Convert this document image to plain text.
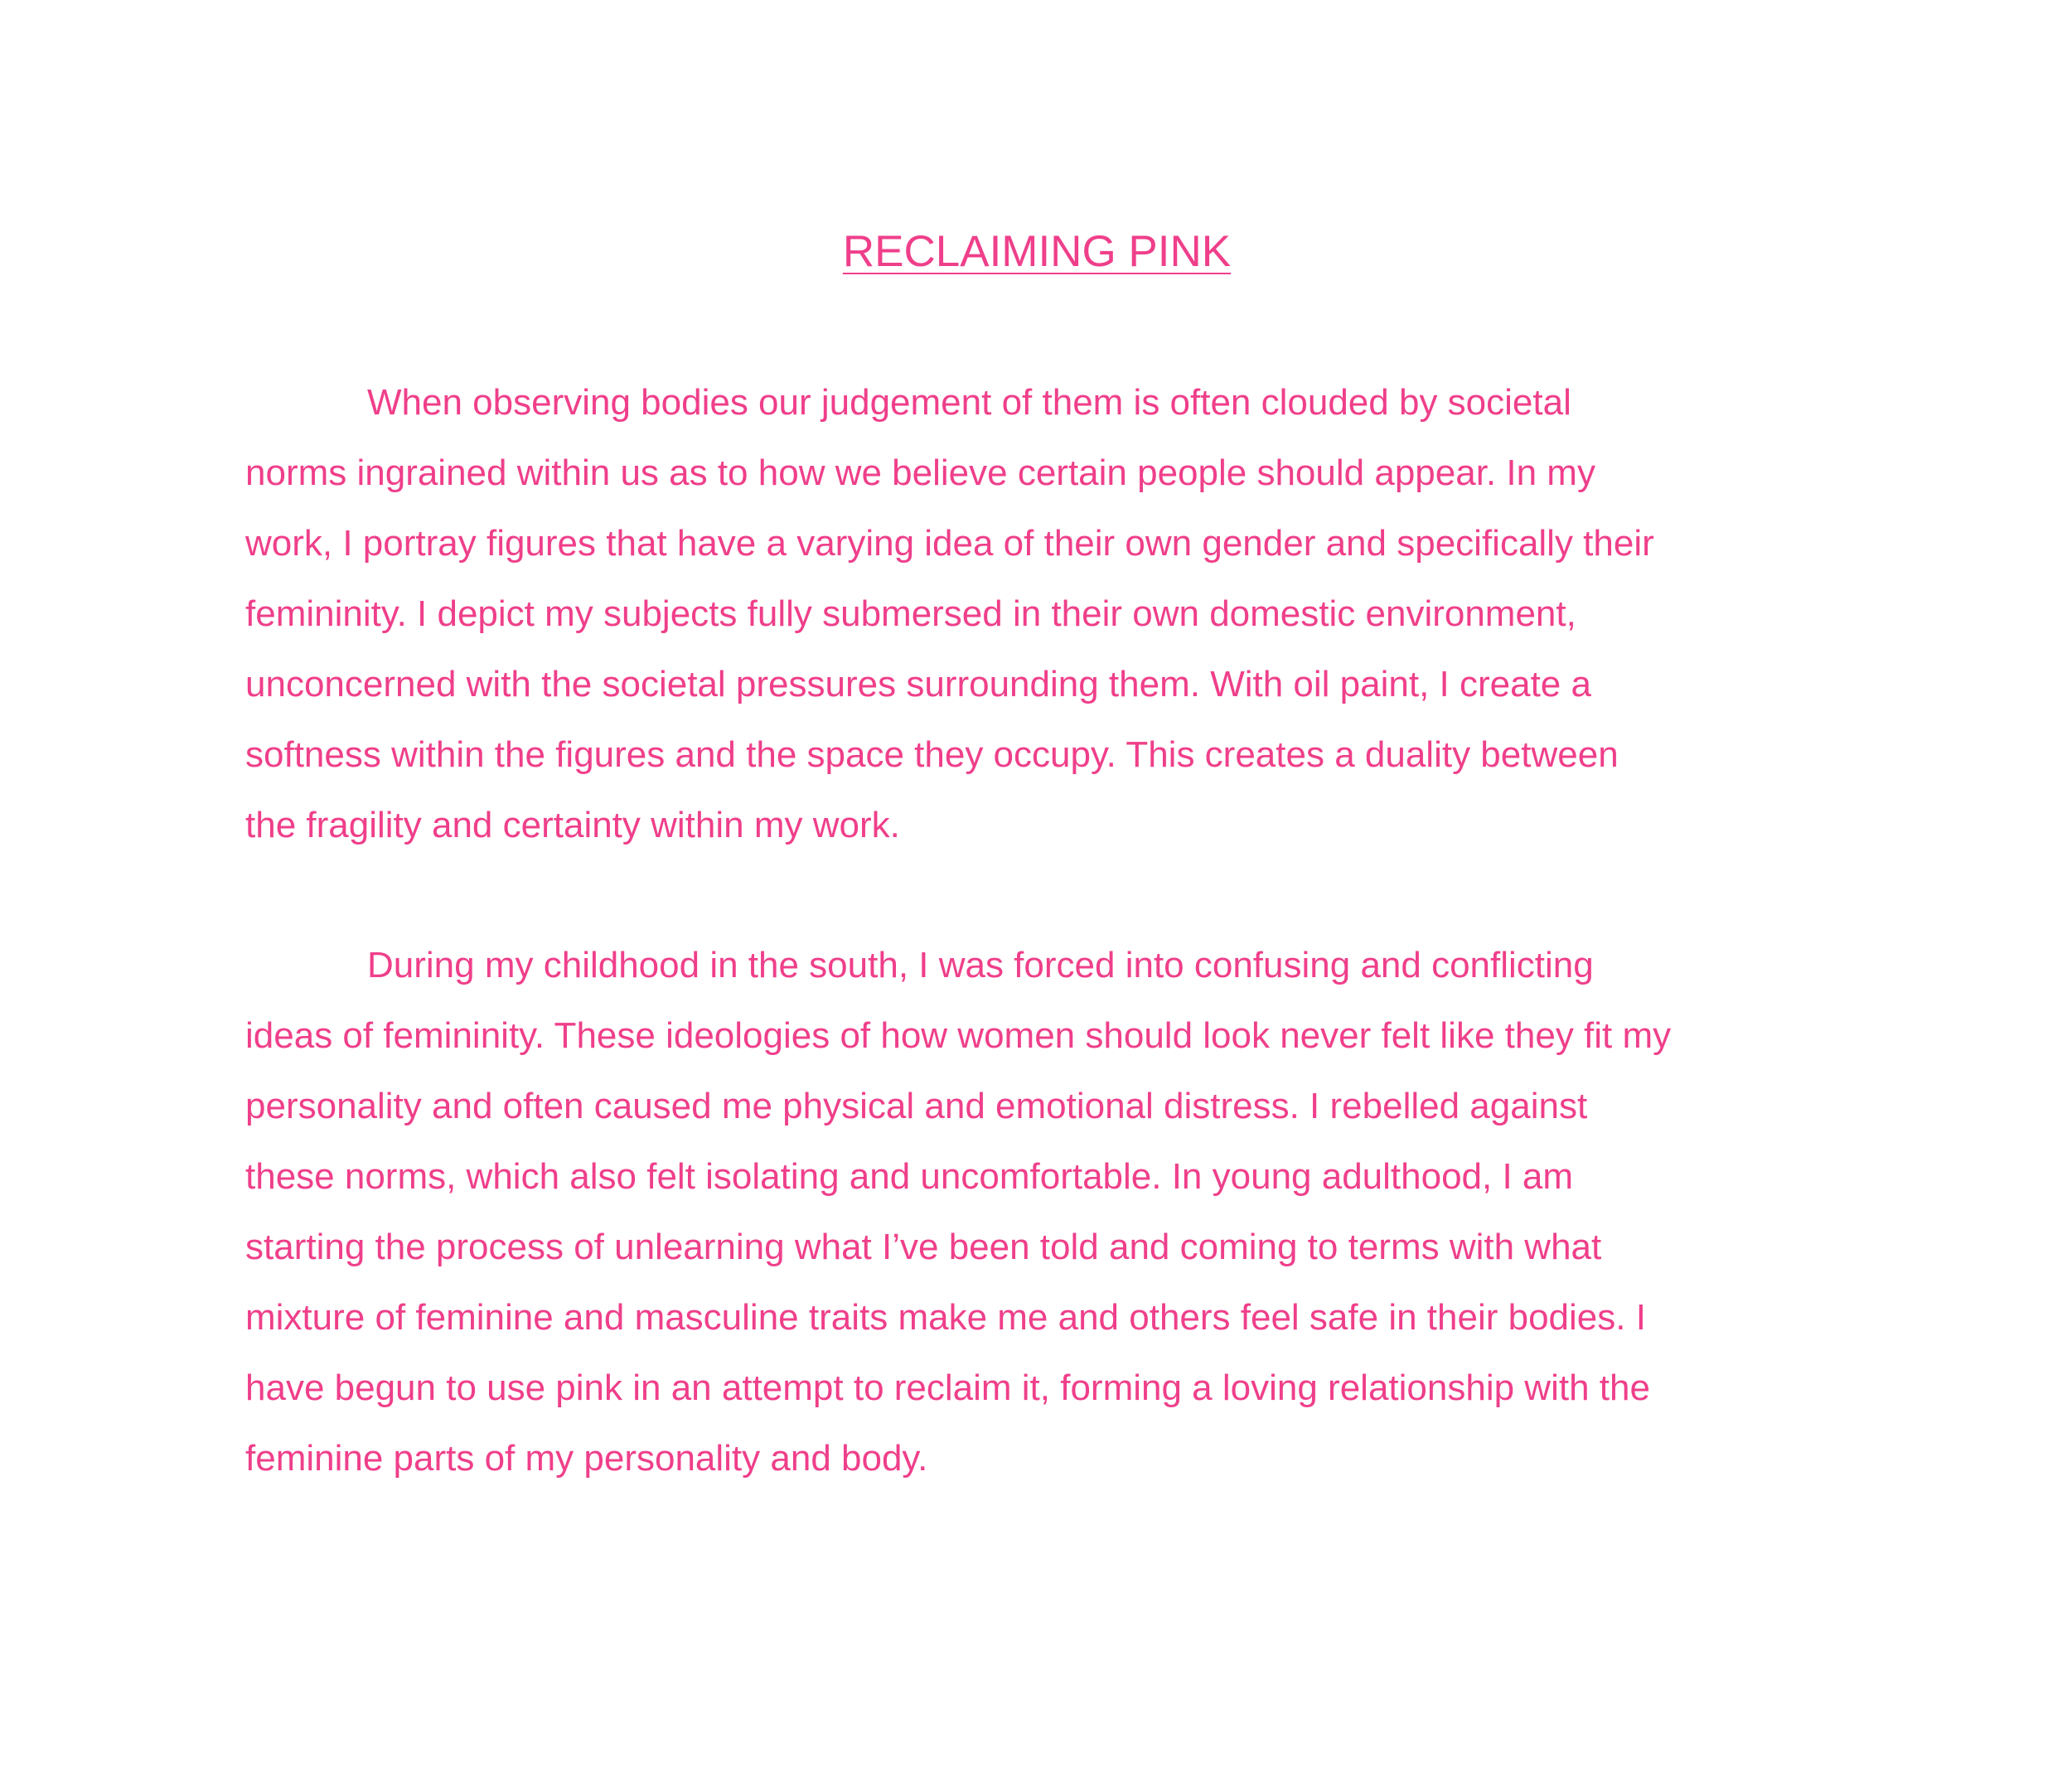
RECLAIMING PINK

When observing bodies our judgement of them is often clouded by societal
norms ingrained within us as to how we believe certain people should appear. In my
work, I portray figures that have a varying idea of their own gender and specifically their
femininity. I depict my subjects fully submersed in their own domestic environment,
unconcerned with the societal pressures surrounding them. With oil paint, I create a
softness within the figures and the space they occupy. This creates a duality between
the fragility and certainty within my work.

During my childhood in the south, I was forced into confusing and conflicting
ideas of femininity. These ideologies of how women should look never felt like they fit my
personality and often caused me physical and emotional distress. I rebelled against
these norms, which also felt isolating and uncomfortable. In young adulthood, I am
starting the process of unlearning what I’ve been told and coming to terms with what
mixture of feminine and masculine traits make me and others feel safe in their bodies. I
have begun to use pink in an attempt to reclaim it, forming a loving relationship with the
feminine parts of my personality and body.
